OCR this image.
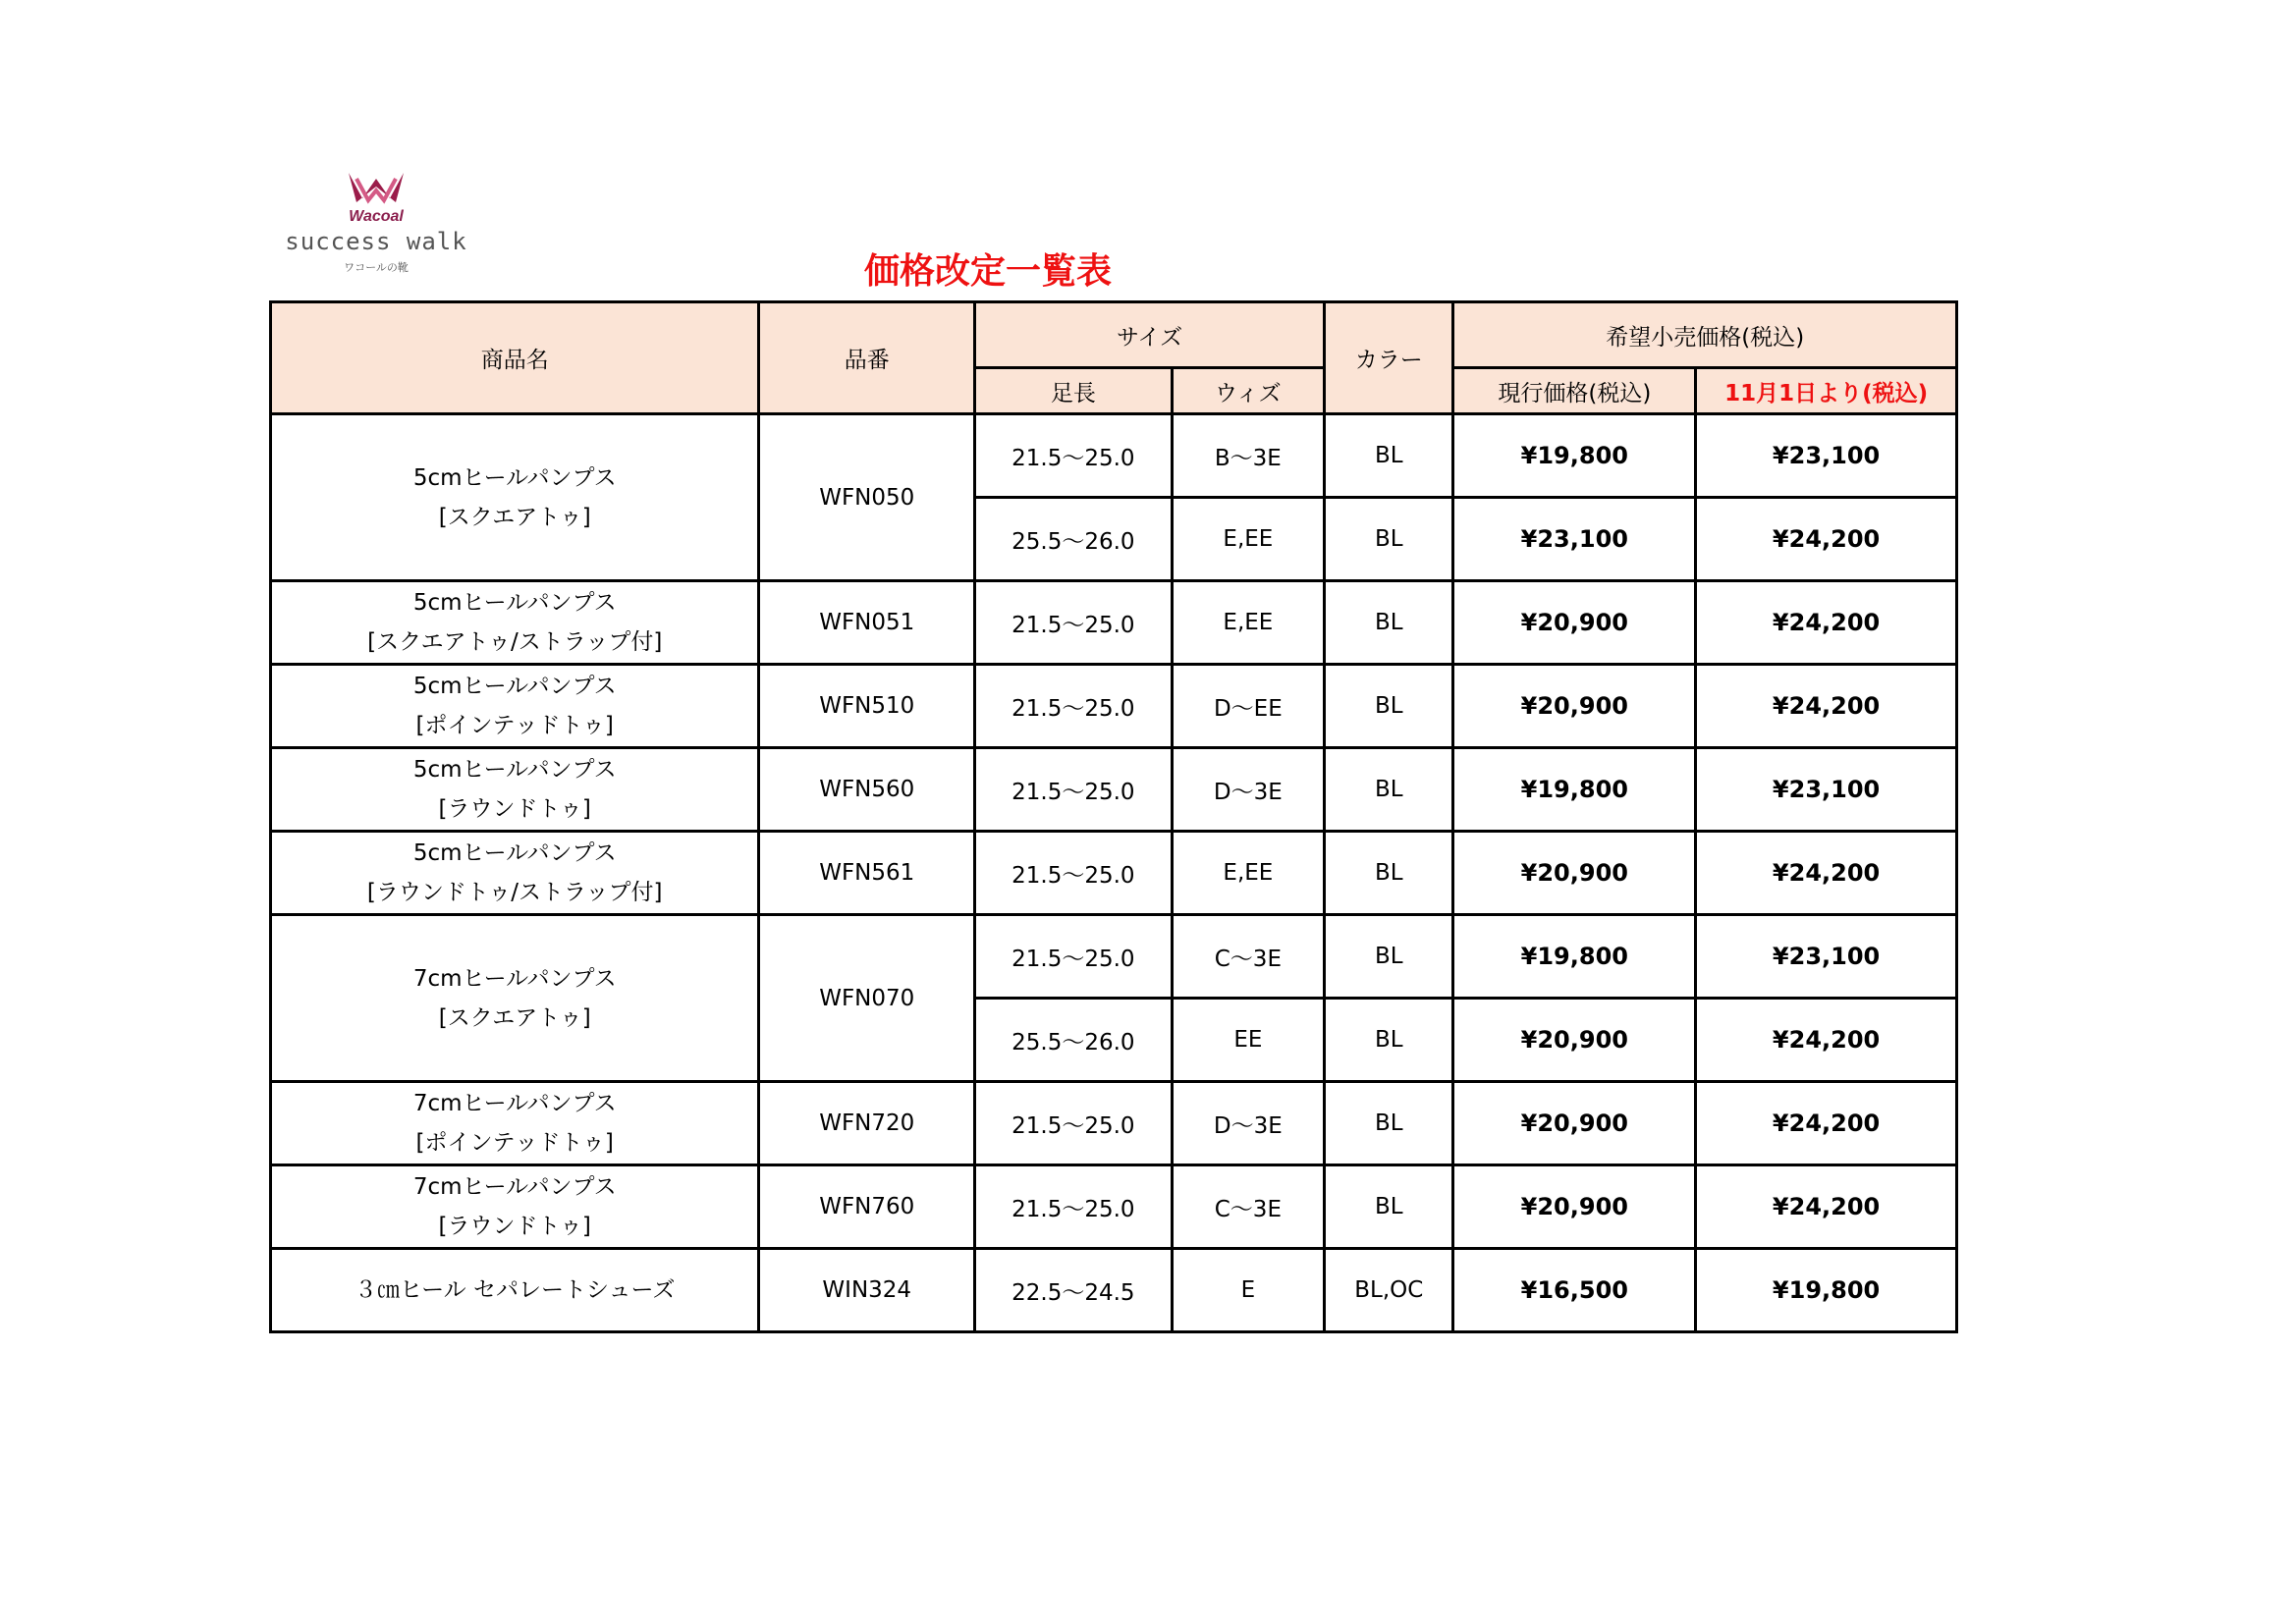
Wacoal
success walk
ワコールの靴	価格改定一覧表
商品名	品番	サイズ		カラー	希望小売価格(税込)	
		足長	ウィズ		現行価格(税込)	11月1日より(税込)

5cmヒールパンプス
[スクエアトゥ]	WFN050	21.5～25.0	B～3E	BL	¥19,800	¥23,100
		25.5～26.0	E,EE	BL	¥23,100	¥24,200

5cmヒールパンプス
[スクエアトゥ/ストラップ付]	WFN051	21.5～25.0	E,EE	BL	¥20,900	¥24,200

5cmヒールパンプス
[ポインテッドトゥ]	WFN510	21.5～25.0	D～EE	BL	¥20,900	¥24,200

5cmヒールパンプス
[ラウンドトゥ]	WFN560	21.5～25.0	D～3E	BL	¥19,800	¥23,100

5cmヒールパンプス
[ラウンドトゥ/ストラップ付]	WFN561	21.5～25.0	E,EE	BL	¥20,900	¥24,200

7cmヒールパンプス
[スクエアトゥ]	WFN070	21.5～25.0	C～3E	BL	¥19,800	¥23,100
		25.5～26.0	EE	BL	¥20,900	¥24,200

7cmヒールパンプス
[ポインテッドトゥ]	WFN720	21.5～25.0	D～3E	BL	¥20,900	¥24,200

7cmヒールパンプス
[ラウンドトゥ]	WFN760	21.5～25.0	C～3E	BL	¥20,900	¥24,200

３㎝ヒール セパレートシューズ	WIN324	22.5～24.5	E	BL,OC	¥16,500	¥19,800
